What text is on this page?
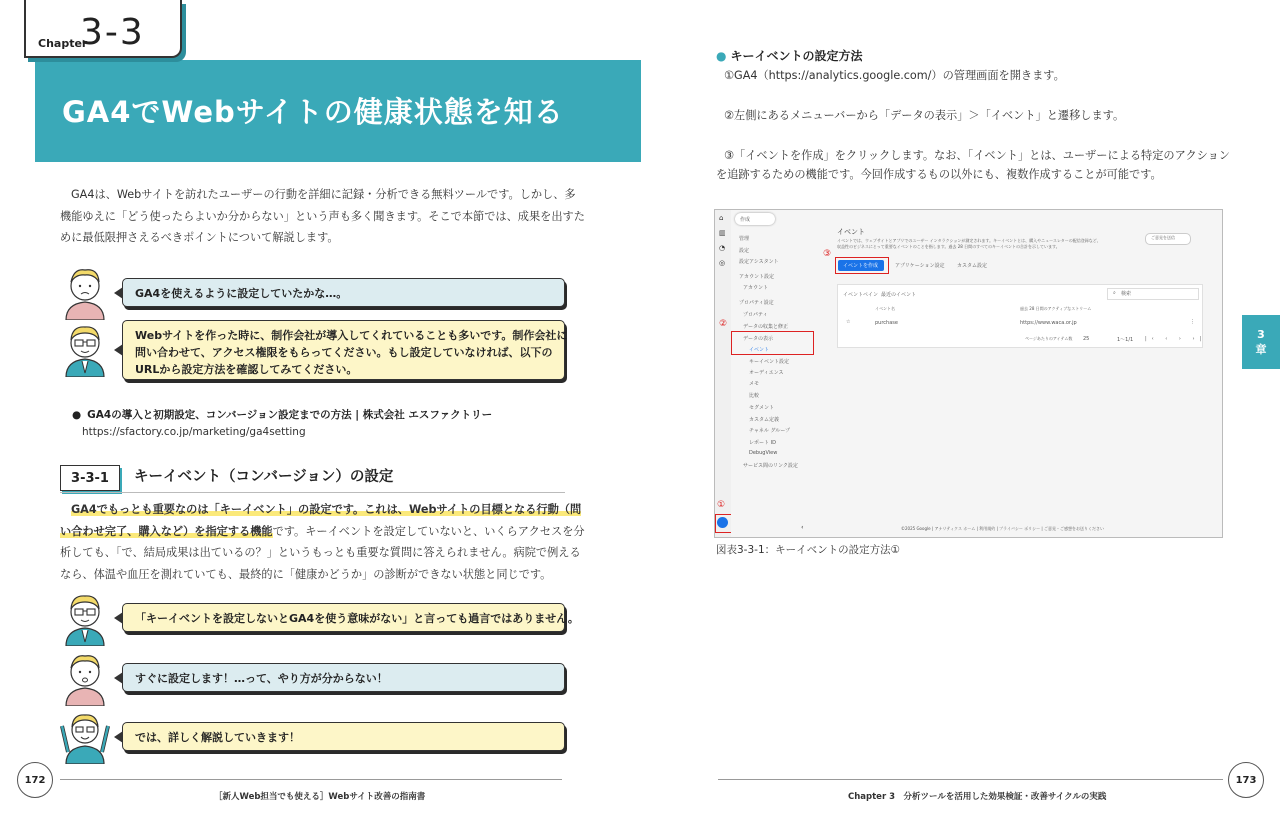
GA4でWebサイトの健康状態を知る
Chapter
3-3
GA4は、Webサイトを訪れたユーザーの行動を詳細に記録・分析できる無料ツールです。しかし、多
機能ゆえに「どう使ったらよいか分からない」という声も多く聞きます。そこで本節では、成果を出すた
めに最低限押さえるべきポイントについて解説します。
GA4を使えるように設定していたかな…。
Webサイトを作った時に、制作会社が導入してくれていることも多いです。制作会社に
問い合わせて、アクセス権限をもらってください。もし設定していなければ、以下の
URLから設定方法を確認してみてください。
● GA4の導入と初期設定、コンバージョン設定までの方法 | 株式会社 エスファクトリー
https://sfactory.co.jp/marketing/ga4setting
3-3-1	キーイベント（コンバージョン）の設定
GA4でもっとも重要なのは「キーイベント」の設定です。これは、Webサイトの目標となる行動（問
い合わせ完了、購入など）を指定する機能です。キーイベントを設定していないと、いくらアクセスを分
析しても、「で、結局成果は出ているの？」というもっとも重要な質問に答えられません。病院で例える
なら、体温や血圧を測れていても、最終的に「健康かどうか」の診断ができない状態と同じです。
「キーイベントを設定しないとGA4を使う意味がない」と言っても過言ではありません。
すぐに設定します！…って、やり方が分からない！
では、詳しく解説していきます！
172
［新人Web担当でも使える］Webサイト改善の指南書
● キーイベントの設定方法
①GA4（https://analytics.google.com/）の管理画面を開きます。
②左側にあるメニューバーから「データの表示」＞「イベント」と遷移します。
③「イベントを作成」をクリックします。なお、「イベント」とは、ユーザーによる特定のアクション
を追跡するための機能です。今回作成するもの以外にも、複数作成することが可能です。
⌂
▥
◔
◎
作成
管理
設定
設定アシスタント
アカウント設定
アカウント
プロパティ設定
プロパティ
データの収集と修正
データの表示
イベント
キーイベント設定
オーディエンス
メモ
比較
セグメント
カスタム定義
チャネル グループ
レポート ID
DebugView
サービス間のリンク設定
‹
イベント
イベントでは、ウェブサイトとアプリでのユーザー インタラクションが測定されます。キーイベントとは、購入やニュースレターの配信登録など、収益性のビジネスにとって重要なイベントのことを指します。過去 28 日間のすべてのキーイベントの合計を示しています。
ご意見を送信
イベントを作成	アプリケーション設定 カスタム設定
イベントペイン 最近のイベント	⌕ 検索
イベント名	過去 28 日間のアクティブなストリーム
☆	purchase	https://www.waca.or.jp	⋮
ページあたりのアイテム数 25	1〜1/1 |‹ ‹ › ›|
©2025 Google | アナリティクス ホーム | 利用規約 | プライバシー ポリシー | ご意見・ご感想をお送りください
①
②
③
図表3-3-1：キーイベントの設定方法①
3
章
173
Chapter 3　分析ツールを活用した効果検証・改善サイクルの実践
